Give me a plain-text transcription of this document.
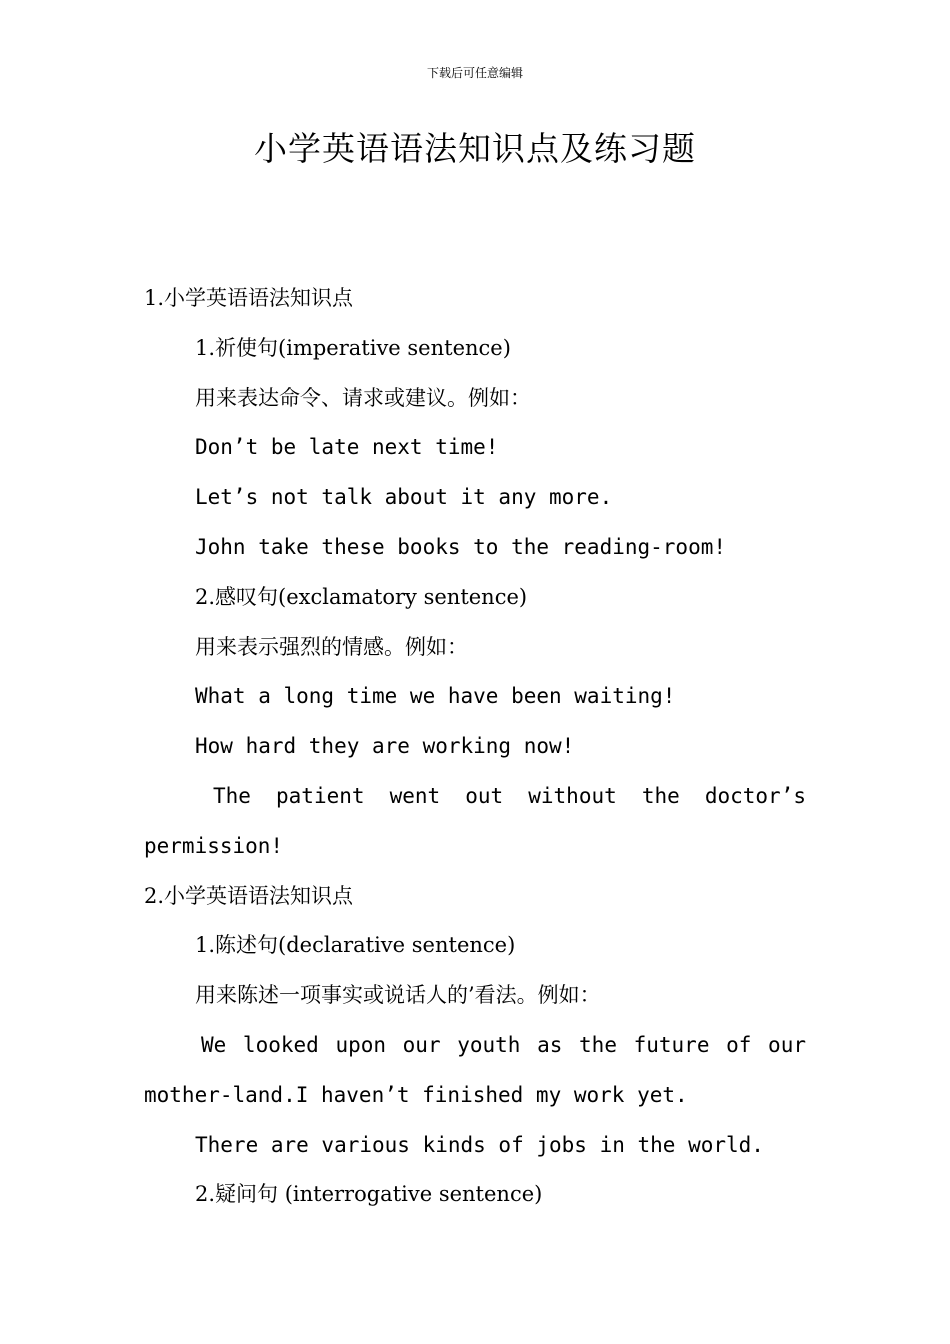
下载后可任意编辑
小学英语语法知识点及练习题
1.小学英语语法知识点
1.祈使句(imperative sentence)
用来表达命令、请求或建议。例如：
Don’t be late next time!
Let’s not talk about it any more.
John take these books to the reading-room!
2.感叹句(exclamatory sentence)
用来表示强烈的情感。例如：
What a long time we have been waiting!
How hard they are working now!
The patient went out without the doctor’s
permission!
2.小学英语语法知识点
1.陈述句(declarative sentence)
用来陈述一项事实或说话人的’看法。例如：
We looked upon our youth as the future of our
mother-land.I haven’t finished my work yet.
There are various kinds of jobs in the world.
2.疑问句 (interrogative sentence)
